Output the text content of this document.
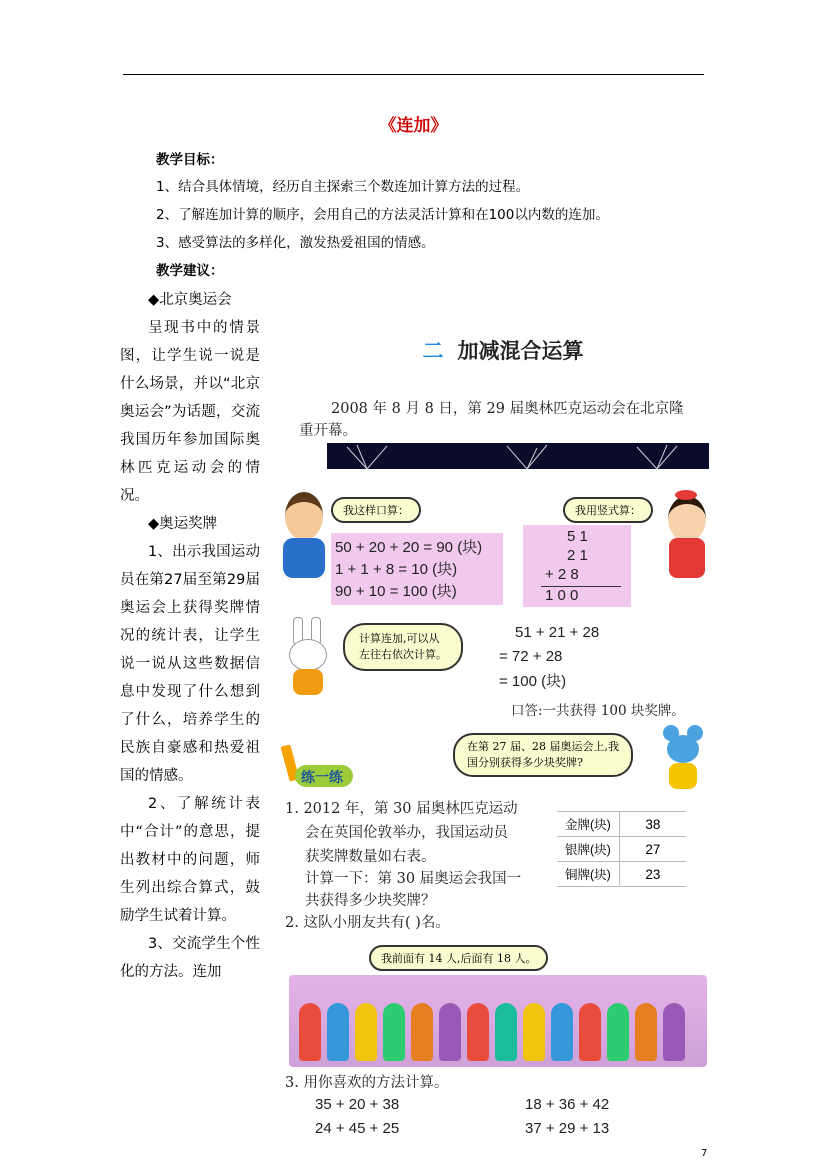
《连加》
教学目标：
1、结合具体情境，经历自主探索三个数连加计算方法的过程。
2、了解连加计算的顺序，会用自己的方法灵活计算和在100以内数的连加。
3、感受算法的多样化，激发热爱祖国的情感。
教学建议：

◆北京奥运会

呈现书中的情景图，让学生说一说是什么场景，并以“北京奥运会”为话题，交流我国历年参加国际奥林匹克运动会的情况。

◆奥运奖牌

1、出示我国运动员在第27届至第29届奥运会上获得奖牌情况的统计表，让学生说一说从这些数据信息中发现了什么想到了什么，培养学生的民族自豪感和热爱祖国的情感。

2、了解统计表中“合计”的意思，提出教材中的问题，师生列出综合算式，鼓励学生试着计算。

3、交流学生个性化的方法。连加

二 加减混合运算
2008 年 8 月 8 日，第 29 届奥林匹克运动会在北京隆
重开幕。
我这样口算：
50 + 20 + 20 = 90 (块)
1 + 1 + 8 = 10 (块)
90 + 10 = 100 (块)
我用竖式算：
5 1
2 1
+ 2 8
1 0 0
计算连加,可以从
左往右依次计算。
51 + 21 + 28
= 72 + 28
= 100 (块)
口答:一共获得 100 块奖牌。
练一练
在第 27 届、28 届奥运会上,我
国分别获得多少块奖牌?
1. 2012 年，第 30 届奥林匹克运动
会在英国伦敦举办，我国运动员
获奖牌数量如右表。
计算一下：第 30 届奥运会我国一
共获得多少块奖牌？
金牌(块)	38
银牌(块)	27
铜牌(块)	23
2. 这队小朋友共有( )名。
我前面有 14 人,后面有 18 人。
3. 用你喜欢的方法计算。
35 + 20 + 38	18 + 36 + 42
24 + 45 + 25	37 + 29 + 13
7
